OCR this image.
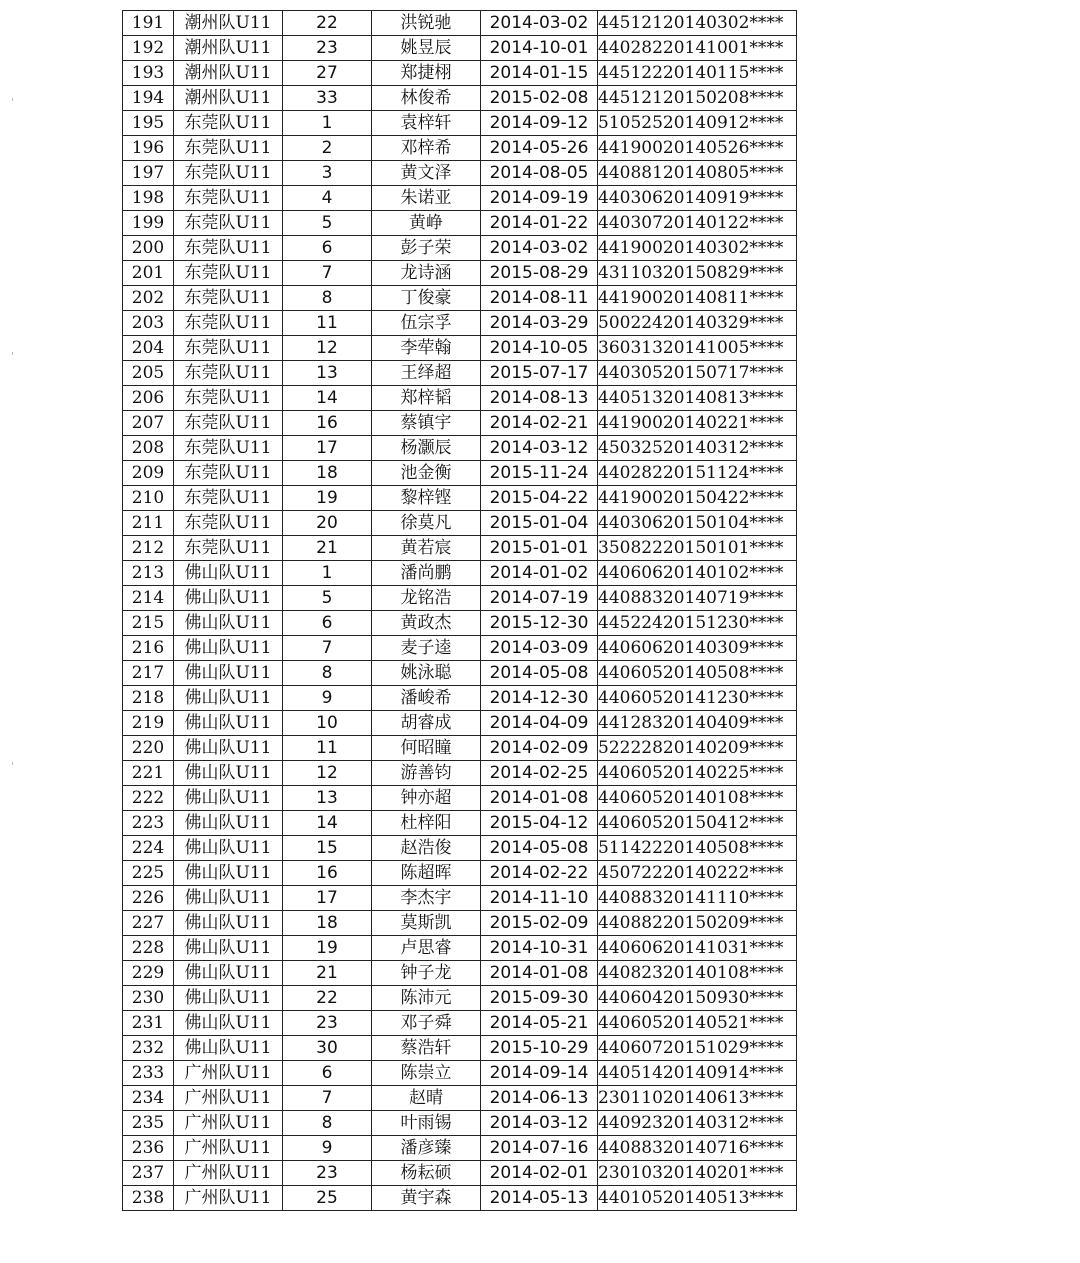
191	潮州队U11	22	洪锐驰	2014-03-02	44512120140302****
192	潮州队U11	23	姚昱辰	2014-10-01	44028220141001****
193	潮州队U11	27	郑捷栩	2014-01-15	44512220140115****
194	潮州队U11	33	林俊希	2015-02-08	44512120150208****
195	东莞队U11	1	袁梓轩	2014-09-12	51052520140912****
196	东莞队U11	2	邓梓希	2014-05-26	44190020140526****
197	东莞队U11	3	黄文泽	2014-08-05	44088120140805****
198	东莞队U11	4	朱诺亚	2014-09-19	44030620140919****
199	东莞队U11	5	黄峥	2014-01-22	44030720140122****
200	东莞队U11	6	彭子荣	2014-03-02	44190020140302****
201	东莞队U11	7	龙诗涵	2015-08-29	43110320150829****
202	东莞队U11	8	丁俊豪	2014-08-11	44190020140811****
203	东莞队U11	11	伍宗孚	2014-03-29	50022420140329****
204	东莞队U11	12	李荦翰	2014-10-05	36031320141005****
205	东莞队U11	13	王绎超	2015-07-17	44030520150717****
206	东莞队U11	14	郑梓韬	2014-08-13	44051320140813****
207	东莞队U11	16	蔡镇宇	2014-02-21	44190020140221****
208	东莞队U11	17	杨灏辰	2014-03-12	45032520140312****
209	东莞队U11	18	池金衡	2015-11-24	44028220151124****
210	东莞队U11	19	黎梓铿	2015-04-22	44190020150422****
211	东莞队U11	20	徐莫凡	2015-01-04	44030620150104****
212	东莞队U11	21	黄若宸	2015-01-01	35082220150101****
213	佛山队U11	1	潘尚鹏	2014-01-02	44060620140102****
214	佛山队U11	5	龙铭浩	2014-07-19	44088320140719****
215	佛山队U11	6	黄政杰	2015-12-30	44522420151230****
216	佛山队U11	7	麦子逵	2014-03-09	44060620140309****
217	佛山队U11	8	姚泳聪	2014-05-08	44060520140508****
218	佛山队U11	9	潘峻希	2014-12-30	44060520141230****
219	佛山队U11	10	胡睿成	2014-04-09	44128320140409****
220	佛山队U11	11	何昭瞳	2014-02-09	52222820140209****
221	佛山队U11	12	游善钧	2014-02-25	44060520140225****
222	佛山队U11	13	钟亦超	2014-01-08	44060520140108****
223	佛山队U11	14	杜梓阳	2015-04-12	44060520150412****
224	佛山队U11	15	赵浩俊	2014-05-08	51142220140508****
225	佛山队U11	16	陈超晖	2014-02-22	45072220140222****
226	佛山队U11	17	李杰宇	2014-11-10	44088320141110****
227	佛山队U11	18	莫斯凯	2015-02-09	44088220150209****
228	佛山队U11	19	卢思睿	2014-10-31	44060620141031****
229	佛山队U11	21	钟子龙	2014-01-08	44082320140108****
230	佛山队U11	22	陈沛元	2015-09-30	44060420150930****
231	佛山队U11	23	邓子舜	2014-05-21	44060520140521****
232	佛山队U11	30	蔡浩轩	2015-10-29	44060720151029****
233	广州队U11	6	陈崇立	2014-09-14	44051420140914****
234	广州队U11	7	赵晴	2014-06-13	23011020140613****
235	广州队U11	8	叶雨锡	2014-03-12	44092320140312****
236	广州队U11	9	潘彦臻	2014-07-16	44088320140716****
237	广州队U11	23	杨耘硕	2014-02-01	23010320140201****
238	广州队U11	25	黄宇森	2014-05-13	44010520140513****
